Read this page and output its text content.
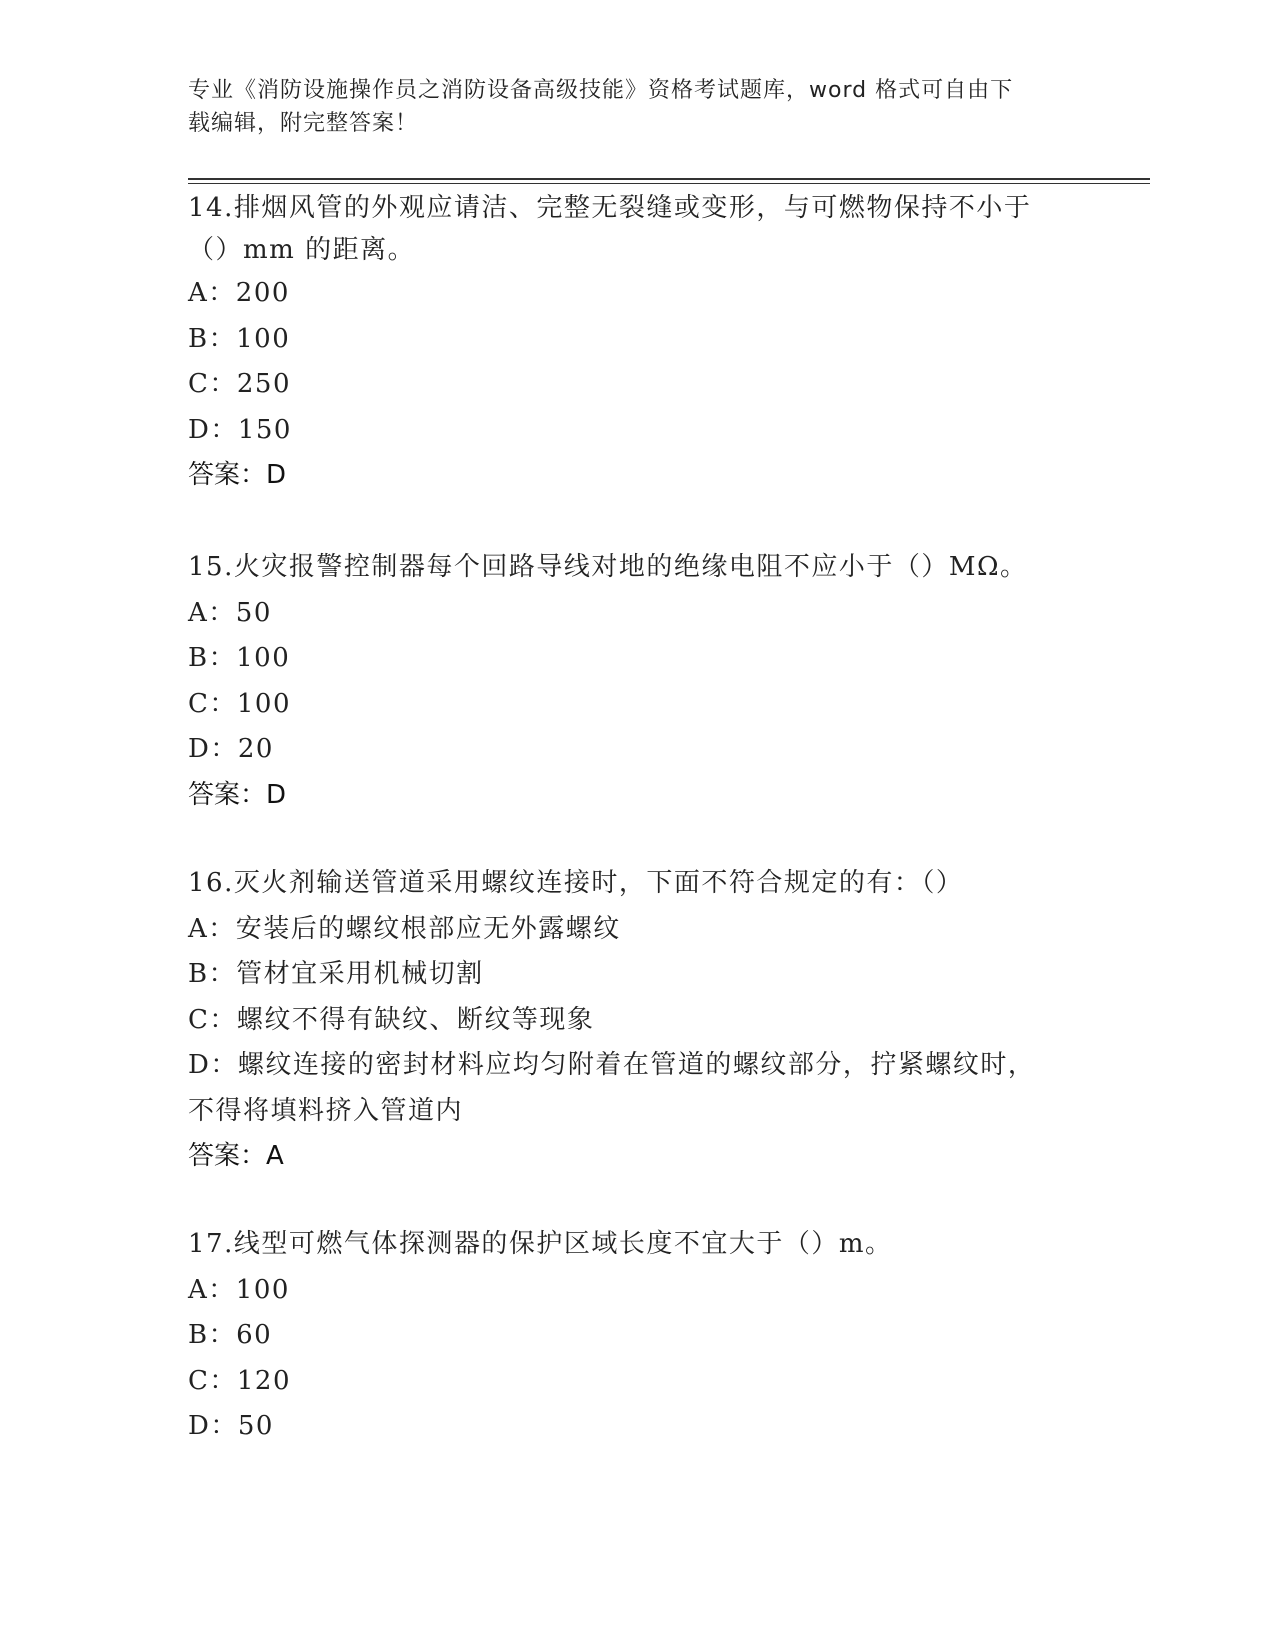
专业《消防设施操作员之消防设备高级技能》资格考试题库，word 格式可自由下
载编辑，附完整答案！
14.排烟风管的外观应请洁、完整无裂缝或变形，与可燃物保持不小于
（）mm 的距离。
A：200
B：100
C：250
D：150
答案：D
15.火灾报警控制器每个回路导线对地的绝缘电阻不应小于（）MΩ。
A：50
B：100
C：100
D：20
答案：D
16.灭火剂输送管道采用螺纹连接时，下面不符合规定的有：（）
A：安装后的螺纹根部应无外露螺纹
B：管材宜采用机械切割
C：螺纹不得有缺纹、断纹等现象
D：螺纹连接的密封材料应均匀附着在管道的螺纹部分，拧紧螺纹时，
不得将填料挤入管道内
答案：A
17.线型可燃气体探测器的保护区域长度不宜大于（）m。
A：100
B：60
C：120
D：50
